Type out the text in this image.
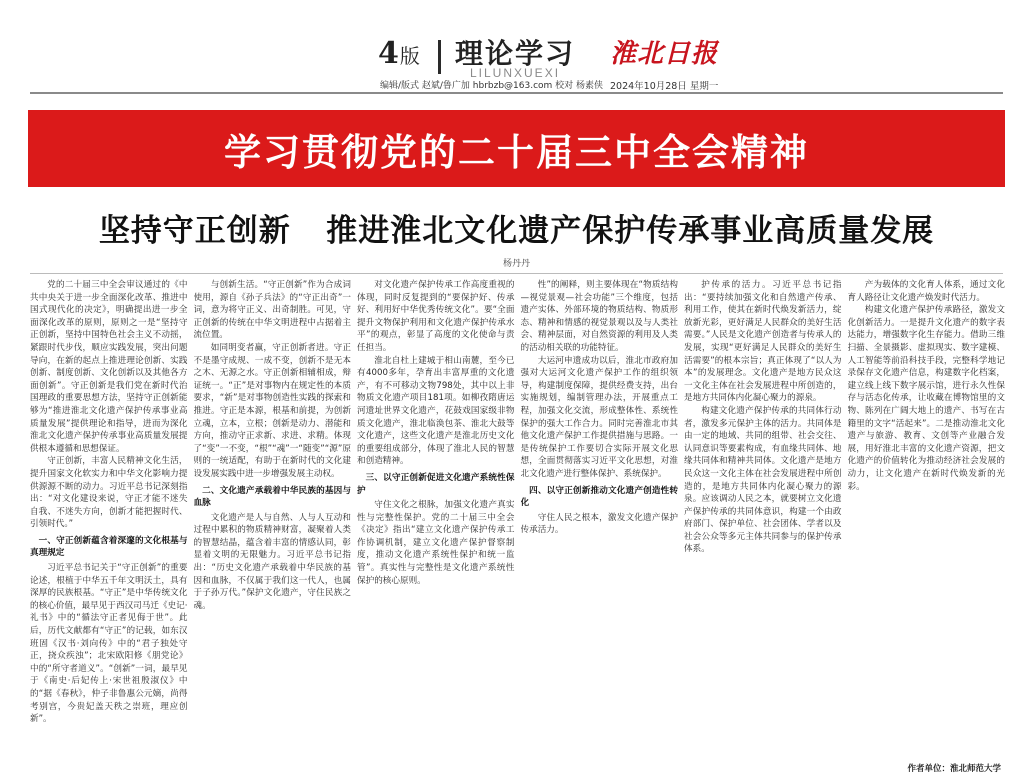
4版 理论学习
LILUNXUEXI
淮北日报
编辑/版式 赵斌/鲁广加 hbrbzb@163.com 校对 杨素侠 2024年10月28日 星期一
学习贯彻党的二十届三中全会精神
坚持守正创新   推进淮北文化遗产保护传承事业高质量发展
杨丹丹

党的二十届三中全会审议通过的《中共中央关于进一步全面深化改革、推进中国式现代化的决定》，明确提出进一步全面深化改革的原则，原则之一是“坚持守正创新，坚持中国特色社会主义不动摇，紧跟时代步伐，顺应实践发展，突出问题导向，在新的起点上推进理论创新、实践创新、制度创新、文化创新以及其他各方面创新”。守正创新是我们党在新时代治国理政的重要思想方法，坚持守正创新能够为“推进淮北文化遗产保护传承事业高质量发展”提供理论和指导，进而为深化淮北文化遗产保护传承事业高质量发展提供根本遵循和思想保证。

守正创新，丰富人民精神文化生活，提升国家文化软实力和中华文化影响力提供源源不断的动力。习近平总书记深刻指出：“对文化建设来说，守正才能不迷失自我、不迷失方向，创新才能把握时代、引领时代。”

一、守正创新蕴含着深邃的文化根基与真理规定

习近平总书记关于“守正创新”的重要论述，根植于中华五千年文明沃土，具有深厚的民族根基。“守正”是中华传统文化的核心价值，最早见于西汉司马迁《史记·礼书》中的“循法守正者见侮于世”。此后，历代文献都有“守正”的记载，如东汉班固《汉书·刘向传》中的“君子独处守正，挠众疾浊”；北宋欧阳修《朋党论》中的“所守者道义”。“创新”一词，最早见于《南史·后妃传上·宋世祖殷淑仪》中的“据《春秋》，仲子非鲁惠公元嫡，尚得考别宫，今贵妃盖天秩之崇班，理应创新”。

与创新生活。“守正创新”作为合成词使用，源自《孙子兵法》的“守正出奇”一词，意为将守正义、出奇制胜。可见，守正创新的传统在中华文明进程中占据着主流位置。

如同明变者赢，守正创新者进。守正不是墨守成规、一成不变，创新不是无本之木、无源之水。守正创新相辅相成，辩证统一。“正”是对事物内在规定性的本质要求，“新”是对事物创造性实践的探索和推进。守正是本源，根基和前提，为创新立魂，立本，立根；创新是动力、潜能和方向，推动守正求新、求进、求精。体现了“变”一不变，“根”“魂”一“随变”“源”原则的一统适配，有助于在新时代的文化建设发展实践中进一步增强发展主动权。

二、文化遗产承载着中华民族的基因与血脉

文化遗产是人与自然、人与人互动和过程中累积的物质精神财富，凝聚着人类的智慧结晶，蕴含着丰富的情感认同，彰显着文明的无限魅力。习近平总书记指出：“历史文化遗产承载着中华民族的基因和血脉，不仅属于我们这一代人，也属于子孙万代。”保护文化遗产，守住民族之魂。

对文化遗产保护传承工作高度重视的体现，同时反复提到的“要保护好、传承好、利用好中华优秀传统文化”。要“全面提升文物保护利用和文化遗产保护传承水平”的观点，彰显了高度的文化使命与责任担当。

淮北自杜上建城于相山南麓，至今已有4000多年，孕育出丰富厚重的文化遗产，有不可移动文物798处，其中以上非物质文化遗产项目181项。如柳孜隋唐运河遗址世界文化遗产，花鼓戏国家级非物质文化遗产，淮北临涣包茶、淮北大鼓等文化遗产，这些文化遗产是淮北历史文化的重要组成部分，体现了淮北人民的智慧和创造精神。

三、以守正创新促进文化遗产系统性保护

守住文化之根脉，加强文化遗产真实性与完整性保护。党的二十届三中全会《决定》指出“建立文化遗产保护传承工作协调机制，建立文化遗产保护督察制度，推动文化遗产系统性保护和统一监管”。真实性与完整性是文化遗产系统性保护的核心原则。

性”的阐释，则主要体现在“物质结构—视觉景观—社会功能”三个维度，包括遗产实体、外部环境的物质结构、物质形态、精神和情感的视觉景观以及与人类社会、精神层面，对自然资源的利用及人类的活动相关联的功能特征。

大运河申遗成功以后，淮北市政府加强对大运河文化遗产保护工作的组织领导，构建制度保障，提供经费支持，出台实施规划，编制管理办法，开展重点工程，加强文化交流，形成整体性、系统性保护的强大工作合力。同时完善淮北市其他文化遗产保护工作提供措施与思路。一是传统保护工作要切合实际开展文化思想，全面贯彻落实习近平文化思想，对淮北文化遗产进行整体保护、系统保护。

四、以守正创新推动文化遗产创造性转化

守住人民之根本，激发文化遗产保护传承活力。

护传承的活力。习近平总书记指出：“要持续加强文化和自然遗产传承、利用工作，使其在新时代焕发新活力，绽放新光彩，更好满足人民群众的美好生活需要。”人民是文化遗产创造者与传承人的发展，实现“更好满足人民群众的美好生活需要”的根本宗旨；真正体现了“以人为本”的发展理念。文化遗产是地方民众这一文化主体在社会发展进程中所创造的，是地方共同体内化凝心聚力的源泉。

构建文化遗产保护传承的共同体行动者，激发多元保护主体的活力。共同体是由一定的地域、共同的组带、社会交往、认同意识等要素构成，有血缘共同体、地缘共同体和精神共同体。文化遗产是地方民众这一文化主体在社会发展进程中所创造的，是地方共同体内化凝心聚力的源泉。应该调动人民之本，就要树立文化遗产保护传承的共同体意识，构建一个由政府部门、保护单位、社会团体、学者以及社会公众等多元主体共同参与的保护传承体系。

产为载体的文化育人体系，通过文化育人路径让文化遗产焕发时代活力。

构建文化遗产保护传承路径，激发文化创新活力。一是提升文化遗产的数字表达能力，增强数字化生存能力。借助三维扫描、全景摄影、虚拟现实、数字建模、人工智能等前沿科技手段，完整科学地记录保存文化遗产信息，构建数字化档案，建立线上线下数字展示馆，进行永久性保存与活态化传承，让收藏在博物馆里的文物、陈列在广阔大地上的遗产、书写在古籍里的文字“活起来”。二是推动淮北文化遗产与旅游、教育、文创等产业融合发展，用好淮北丰富的文化遗产资源，把文化遗产的价值转化为推动经济社会发展的动力，让文化遗产在新时代焕发新的光彩。

作者单位：淮北师范大学
